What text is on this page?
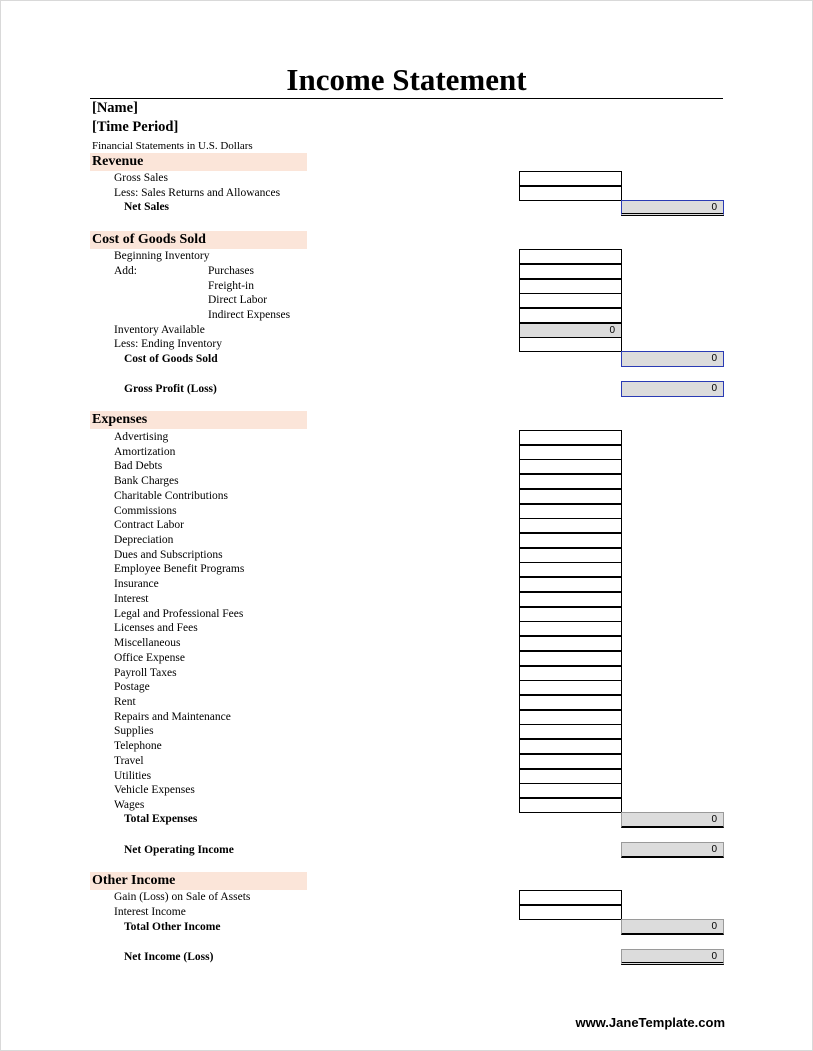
Income Statement
[Name]
[Time Period]
Financial Statements in U.S. Dollars
Revenue
Gross Sales
Less: Sales Returns and Allowances
Net Sales	0
Cost of Goods Sold
Beginning Inventory
Add:	Purchases
Freight-in
Direct Labor
Indirect Expenses
Inventory Available	0
Less: Ending Inventory
Cost of Goods Sold	0
Gross Profit (Loss)	0
Expenses
Advertising
Amortization
Bad Debts
Bank Charges
Charitable Contributions
Commissions
Contract Labor
Depreciation
Dues and Subscriptions
Employee Benefit Programs
Insurance
Interest
Legal and Professional Fees
Licenses and Fees
Miscellaneous
Office Expense
Payroll Taxes
Postage
Rent
Repairs and Maintenance
Supplies
Telephone
Travel
Utilities
Vehicle Expenses
Wages
Total Expenses	0
Net Operating Income	0
Other Income
Gain (Loss) on Sale of Assets
Interest Income
Total Other Income	0
Net Income (Loss)	0
www.JaneTemplate.com
